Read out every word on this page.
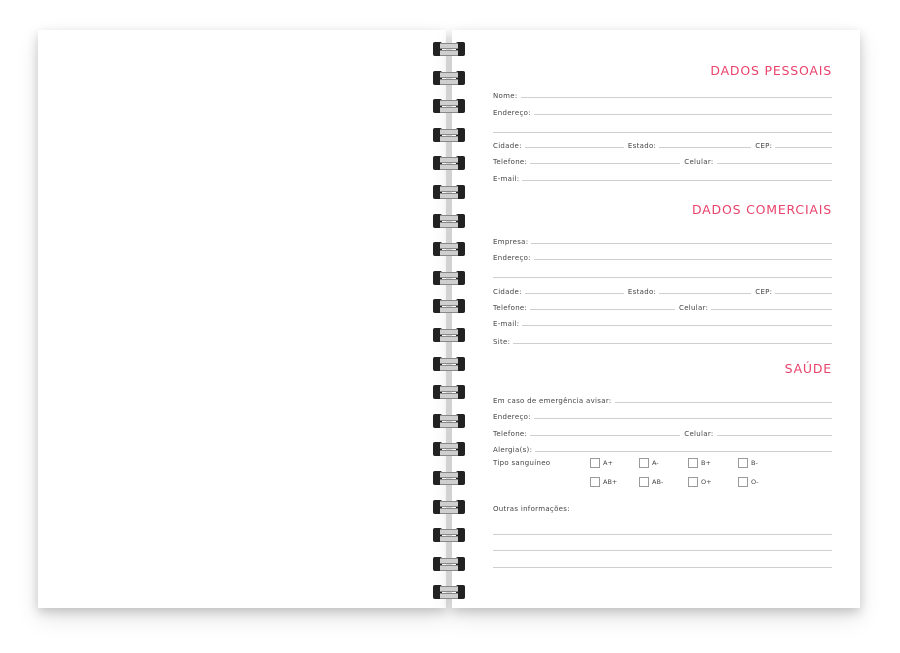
DADOS PESSOAIS
Nome:
Endereço:
Cidade:	Estado:	CEP:
Telefone:	Celular:
E-mail:
DADOS COMERCIAIS
Empresa:
Endereço:
Cidade:	Estado:	CEP:
Telefone:	Celular:
E-mail:
Site:
SAÚDE
Em caso de emergência avisar:
Endereço:
Telefone:	Celular:
Alergia(s):
Tipo sanguíneo	A+	A-	B+	B-
AB+	AB-	O+	O-
Outras informações:
